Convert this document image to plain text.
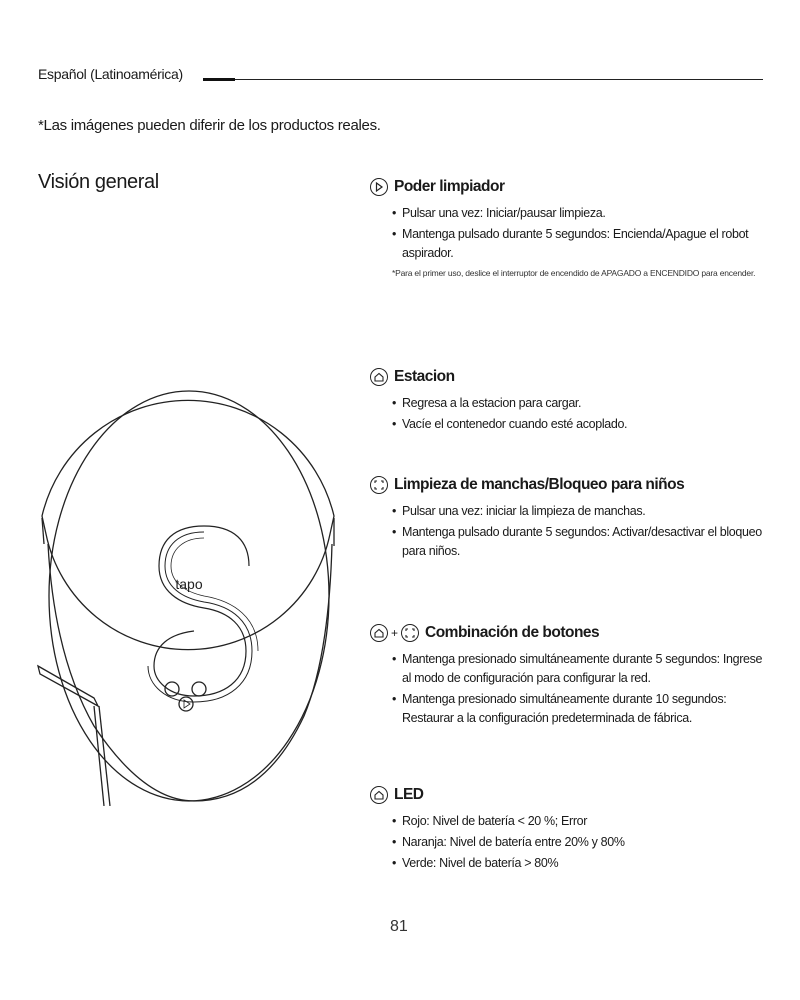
Español (Latinoamérica)
*Las imágenes pueden diferir de los productos reales.
Visión general
tapo
Poder limpiador
• Pulsar una vez: Iniciar/pausar limpieza.
• Mantenga pulsado durante 5 segundos: Encienda/Apague el robot aspirador.
*Para el primer uso, deslice el interruptor de encendido de APAGADO a ENCENDIDO para encender.
Estacion
• Regresa a la estacion para cargar.
• Vacíe el contenedor cuando esté acoplado.
Limpieza de manchas/Bloqueo para niños
• Pulsar una vez: iniciar la limpieza de manchas.
• Mantenga pulsado durante 5 segundos: Activar/desactivar el bloqueo para niños.
+ Combinación de botones
• Mantenga presionado simultáneamente durante 5 segundos: Ingrese al modo de configuración para configurar la red.
• Mantenga presionado simultáneamente durante 10 segundos: Restaurar a la configuración predeterminada de fábrica.
LED
• Rojo: Nivel de batería < 20 %; Error
• Naranja: Nivel de batería entre 20% y 80%
• Verde: Nivel de batería > 80%
81
